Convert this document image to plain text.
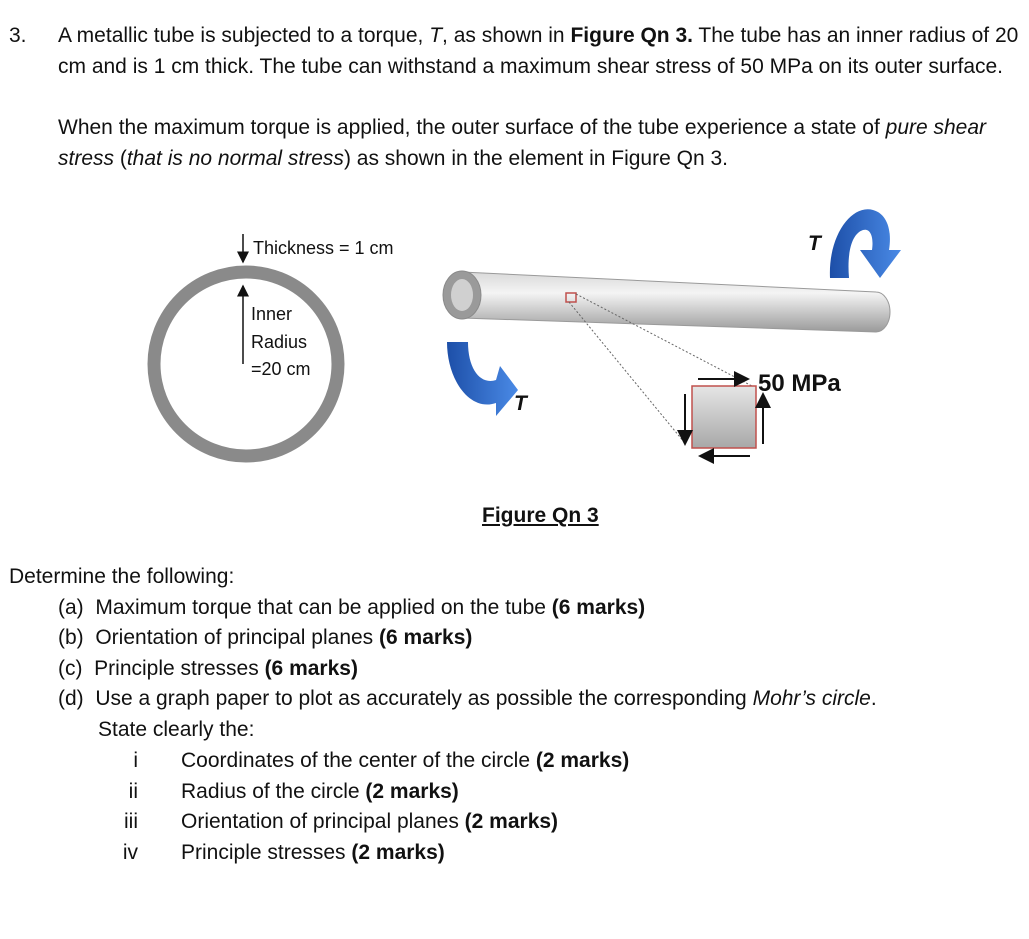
3. A metallic tube is subjected to a torque, T, as shown in Figure Qn 3. The tube has an inner radius of 20 cm and is 1 cm thick. The tube can withstand a maximum shear stress of 50 MPa on its outer surface.
When the maximum torque is applied, the outer surface of the tube experience a state of pure shear stress (that is no normal stress) as shown in the element in Figure Qn 3.
Thickness = 1 cm
Inner
Radius
=20 cm
50 MPa
T
T
Figure Qn 3
Determine the following:
(a) Maximum torque that can be applied on the tube (6 marks)
(b) Orientation of principal planes (6 marks)
(c) Principle stresses (6 marks)
(d) Use a graph paper to plot as accurately as possible the corresponding Mohr’s circle.
State clearly the:
i Coordinates of the center of the circle (2 marks)
ii Radius of the circle (2 marks)
iii Orientation of principal planes (2 marks)
iv Principle stresses (2 marks)
